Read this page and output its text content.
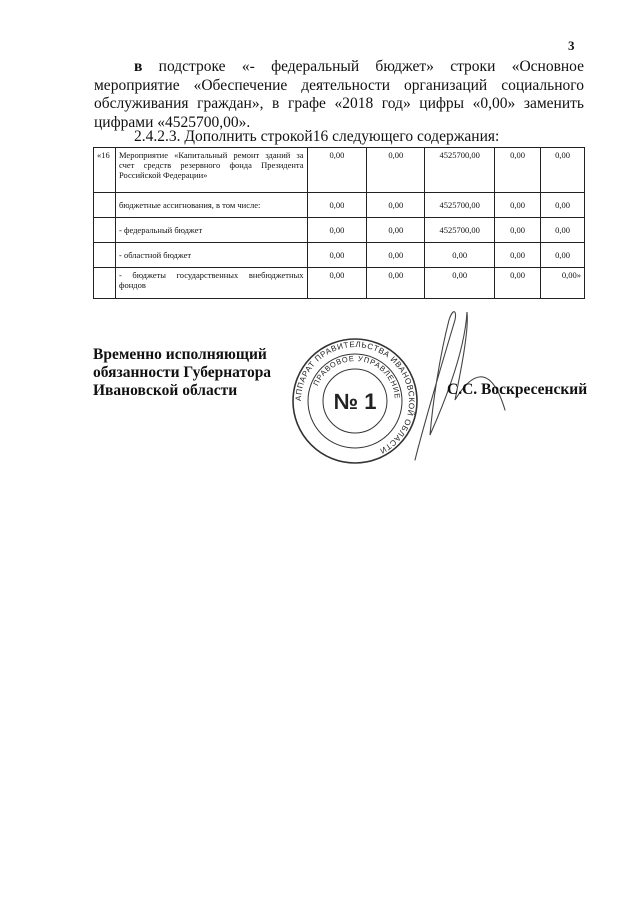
3
в подстроке «- федеральный бюджет» строки «Основное мероприятие «Обеспечение деятельности организаций социального обслуживания граждан», в графе «2018 год» цифры «0,00» заменить цифрами «4525700,00».
2.4.2.3. Дополнить строкой16 следующего содержания:
«16	Мероприятие «Капитальный ремонт зданий за счет средств резервного фонда Президента Российской Федерации»	0,00	0,00	4525700,00	0,00	0,00
	бюджетные ассигнования, в том числе:	0,00	0,00	4525700,00	0,00	0,00
	- федеральный бюджет	0,00	0,00	4525700,00	0,00	0,00
	- областной бюджет	0,00	0,00	0,00	0,00	0,00
	- бюджеты государственных внебюджетных фондов	0,00	0,00	0,00	0,00	0,00»
Временно исполняющий
обязанности Губернатора
Ивановской области	АППАРАТ ПРАВИТЕЛЬСТВА ИВАНОВСКОЙ ОБЛАСТИ
ПРАВОВОЕ УПРАВЛЕНИЕ
№ 1	С.С. Воскресенский
